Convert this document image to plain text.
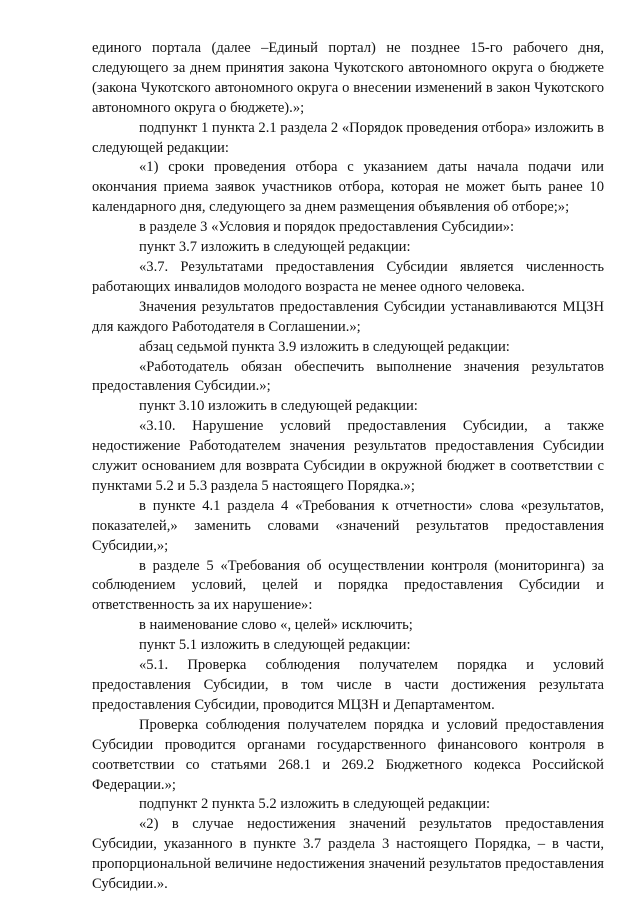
единого портала (далее –Единый портал) не позднее 15-го рабочего дня, следующего за днем принятия закона Чукотского автономного округа о бюджете (закона Чукотского автономного округа о внесении изменений в закон Чукотского автономного округа о бюджете).»;

подпункт 1 пункта 2.1 раздела 2 «Порядок проведения отбора» изложить в следующей редакции:

«1) сроки проведения отбора с указанием даты начала подачи или окончания приема заявок участников отбора, которая не может быть ранее 10 календарного дня, следующего за днем размещения объявления об отборе;»;

в разделе 3 «Условия и порядок предоставления Субсидии»:

пункт 3.7 изложить в следующей редакции:

«3.7. Результатами предоставления Субсидии является численность работающих инвалидов молодого возраста не менее одного человека.

Значения результатов предоставления Субсидии устанавливаются МЦЗН для каждого Работодателя в Соглашении.»;

абзац седьмой пункта 3.9 изложить в следующей редакции:

«Работодатель обязан обеспечить выполнение значения результатов предоставления Субсидии.»;

пункт 3.10 изложить в следующей редакции:

«3.10. Нарушение условий предоставления Субсидии, а также недостижение Работодателем значения результатов предоставления Субсидии служит основанием для возврата Субсидии в окружной бюджет в соответствии с пунктами 5.2 и 5.3 раздела 5 настоящего Порядка.»;

в пункте 4.1 раздела 4 «Требования к отчетности» слова «результатов, показателей,» заменить словами «значений результатов предоставления Субсидии,»;

в разделе 5 «Требования об осуществлении контроля (мониторинга) за соблюдением условий, целей и порядка предоставления Субсидии и ответственность за их нарушение»:

в наименование слово «, целей» исключить;

пункт 5.1 изложить в следующей редакции:

«5.1. Проверка соблюдения получателем порядка и условий предоставления Субсидии, в том числе в части достижения результата предоставления Субсидии, проводится МЦЗН и Департаментом.

Проверка соблюдения получателем порядка и условий предоставления Субсидии проводится органами государственного финансового контроля в соответствии со статьями 268.1 и 269.2 Бюджетного кодекса Российской Федерации.»;

подпункт 2 пункта 5.2 изложить в следующей редакции:

«2) в случае недостижения значений результатов предоставления Субсидии, указанного в пункте 3.7 раздела 3 настоящего Порядка, – в части, пропорциональной величине недостижения значений результатов предоставления Субсидии.».
